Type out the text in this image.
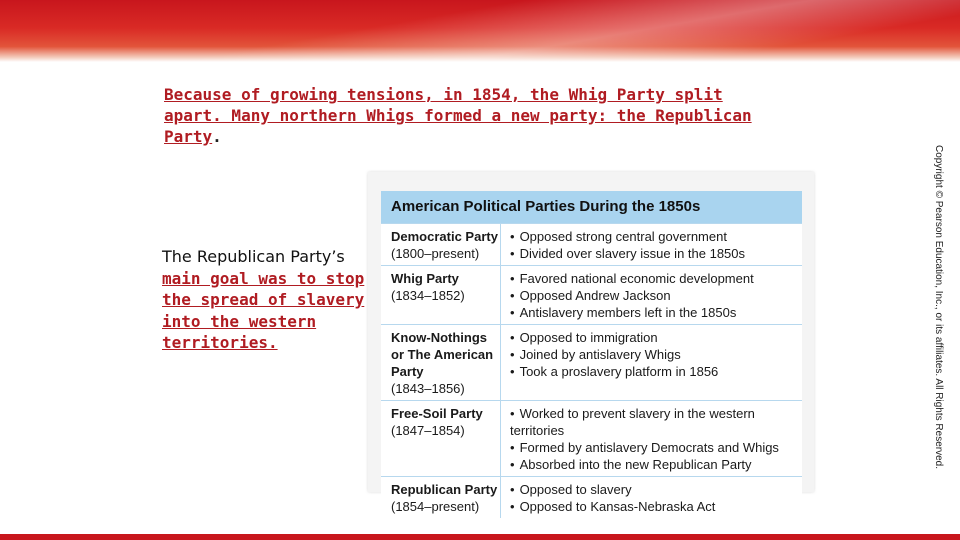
Because of growing tensions, in 1854, the Whig Party split apart. Many northern Whigs formed a new party: the Republican Party.
The Republican Party’s
main goal was to stop the spread of slavery into the western territories.
American Political Parties During the 1850s
Democratic Party
(1800–present)
• Opposed strong central government
• Divided over slavery issue in the 1850s
Whig Party
(1834–1852)
• Favored national economic development
• Opposed Andrew Jackson
• Antislavery members left in the 1850s
Know-Nothings
or The American
Party
(1843–1856)
• Opposed to immigration
• Joined by antislavery Whigs
• Took a proslavery platform in 1856
Free-Soil Party
(1847–1854)
• Worked to prevent slavery in the western territories
• Formed by antislavery Democrats and Whigs
• Absorbed into the new Republican Party
Republican Party
(1854–present)
• Opposed to slavery
• Opposed to Kansas-Nebraska Act
Copyright © Pearson Education, Inc., or its affiliates. All Rights Reserved.
